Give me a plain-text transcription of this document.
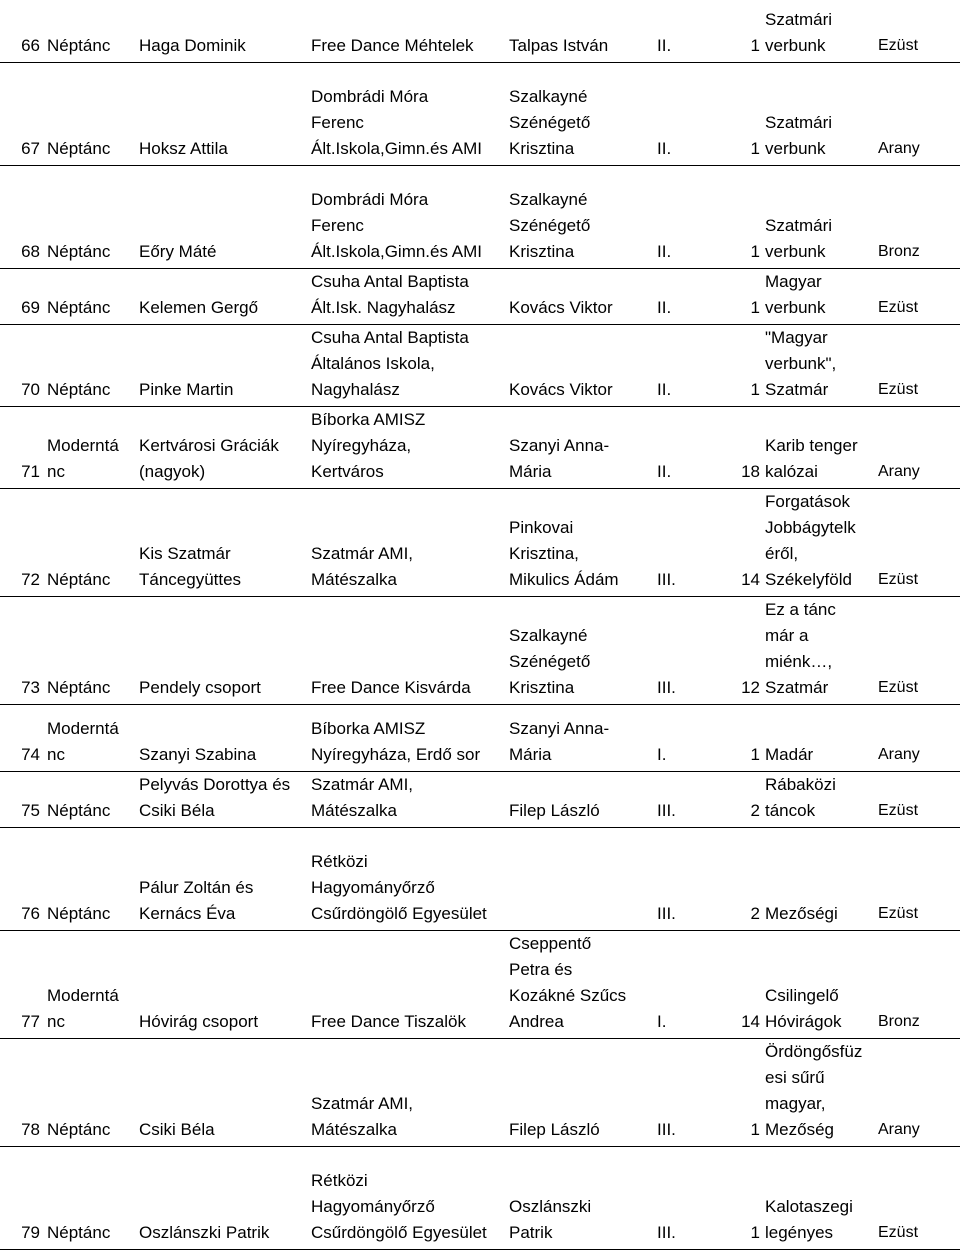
66	Néptánc	Haga Dominik	Free Dance Méhtelek	Talpas István	II.	1	Szatmári
verbunk	Ezüst
67	Néptánc	Hoksz Attila	Dombrádi Móra
Ferenc
Ált.Iskola,Gimn.és AMI	Szalkayné
Szénégető
Krisztina	II.	1	Szatmári
verbunk	Arany
68	Néptánc	Eőry Máté	Dombrádi Móra
Ferenc
Ált.Iskola,Gimn.és AMI	Szalkayné
Szénégető
Krisztina	II.	1	Szatmári
verbunk	Bronz
69	Néptánc	Kelemen Gergő	Csuha Antal Baptista
Ált.Isk. Nagyhalász	Kovács Viktor	II.	1	Magyar
verbunk	Ezüst
70	Néptánc	Pinke Martin	Csuha Antal Baptista
Általános Iskola,
Nagyhalász	Kovács Viktor	II.	1	"Magyar
verbunk",
Szatmár	Ezüst
71	Moderntá
nc	Kertvárosi Gráciák
(nagyok)	Bíborka AMISZ
Nyíregyháza,
Kertváros	Szanyi Anna-
Mária	II.	18	Karib tenger
kalózai	Arany
72	Néptánc	Kis Szatmár
Táncegyüttes	Szatmár AMI,
Mátészalka	Pinkovai
Krisztina,
Mikulics Ádám	III.	14	Forgatások
Jobbágytelk
éről,
Székelyföld	Ezüst
73	Néptánc	Pendely csoport	Free Dance Kisvárda	Szalkayné
Szénégető
Krisztina	III.	12	Ez a tánc
már a
miénk…,
Szatmár	Ezüst
74	Moderntá
nc	Szanyi Szabina	Bíborka AMISZ
Nyíregyháza, Erdő sor	Szanyi Anna-
Mária	I.	1	Madár	Arany
75	Néptánc	Pelyvás Dorottya és
Csiki Béla	Szatmár AMI,
Mátészalka	Filep László	III.	2	Rábaközi
táncok	Ezüst
76	Néptánc	Pálur Zoltán és
Kernács Éva	Rétközi
Hagyományőrző
Csűrdöngölő Egyesület		III.	2	Mezőségi	Ezüst
77	Moderntá
nc	Hóvirág csoport	Free Dance Tiszalök	Cseppentő
Petra és
Kozákné Szűcs
Andrea	I.	14	Csilingelő
Hóvirágok	Bronz
78	Néptánc	Csiki Béla	Szatmár AMI,
Mátészalka	Filep László	III.	1	Ördöngősfüz
esi sűrű
magyar,
Mezőség	Arany
79	Néptánc	Oszlánszki Patrik	Rétközi
Hagyományőrző
Csűrdöngölő Egyesület	Oszlánszki
Patrik	III.	1	Kalotaszegi
legényes	Ezüst
